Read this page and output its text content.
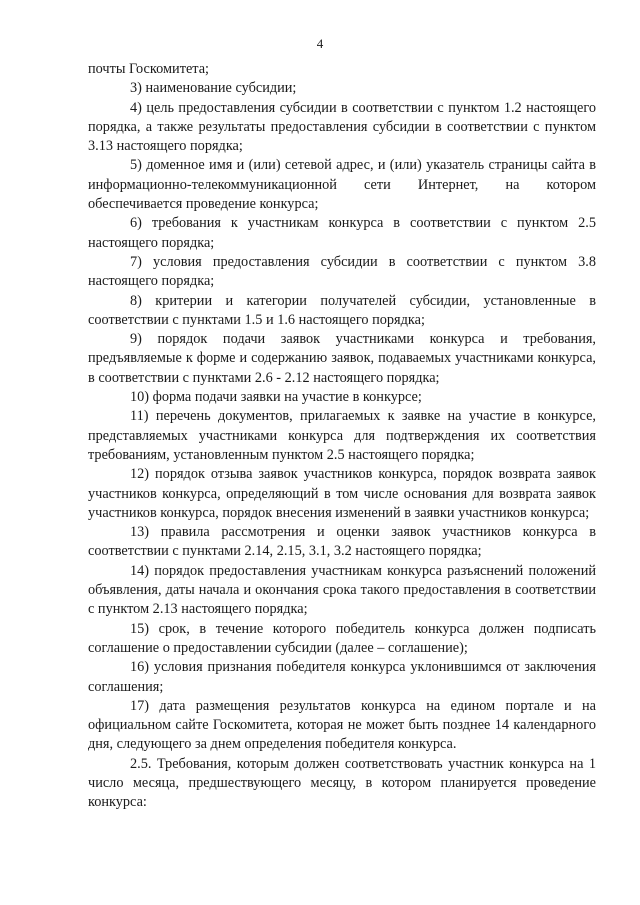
4

почты Госкомитета;

3) наименование субсидии;

4) цель предоставления субсидии в соответствии с пунктом 1.2 настоящего порядка, а также результаты предоставления субсидии в соответствии с пунктом 3.13 настоящего порядка;

5) доменное имя и (или) сетевой адрес, и (или) указатель страницы сайта в информационно-телекоммуникационной сети Интернет, на котором обеспечивается проведение конкурса;

6) требования к участникам конкурса в соответствии с пунктом 2.5 настоящего порядка;

7) условия предоставления субсидии в соответствии с пунктом 3.8 настоящего порядка;

8) критерии и категории получателей субсидии, установленные в соответствии с пунктами 1.5 и 1.6 настоящего порядка;

9) порядок подачи заявок участниками конкурса и требования, предъявляемые к форме и содержанию заявок, подаваемых участниками конкурса, в соответствии с пунктами 2.6 - 2.12 настоящего порядка;

10) форма подачи заявки на участие в конкурсе;

11) перечень документов, прилагаемых к заявке на участие в конкурсе, представляемых участниками конкурса для подтверждения их соответствия требованиям, установленным пунктом 2.5 настоящего порядка;

12) порядок отзыва заявок участников конкурса, порядок возврата заявок участников конкурса, определяющий в том числе основания для возврата заявок участников конкурса, порядок внесения изменений в заявки участников конкурса;

13) правила рассмотрения и оценки заявок участников конкурса в соответствии с пунктами 2.14, 2.15, 3.1, 3.2 настоящего порядка;

14) порядок предоставления участникам конкурса разъяснений положений объявления, даты начала и окончания срока такого предоставления в соответствии с пунктом 2.13 настоящего порядка;

15) срок, в течение которого победитель конкурса должен подписать соглашение о предоставлении субсидии (далее – соглашение);

16) условия признания победителя конкурса уклонившимся от заключения соглашения;

17) дата размещения результатов конкурса на едином портале и на официальном сайте Госкомитета, которая не может быть позднее 14 календарного дня, следующего за днем определения победителя конкурса.

2.5. Требования, которым должен соответствовать участник конкурса на 1 число месяца, предшествующего месяцу, в котором планируется проведение конкурса:
